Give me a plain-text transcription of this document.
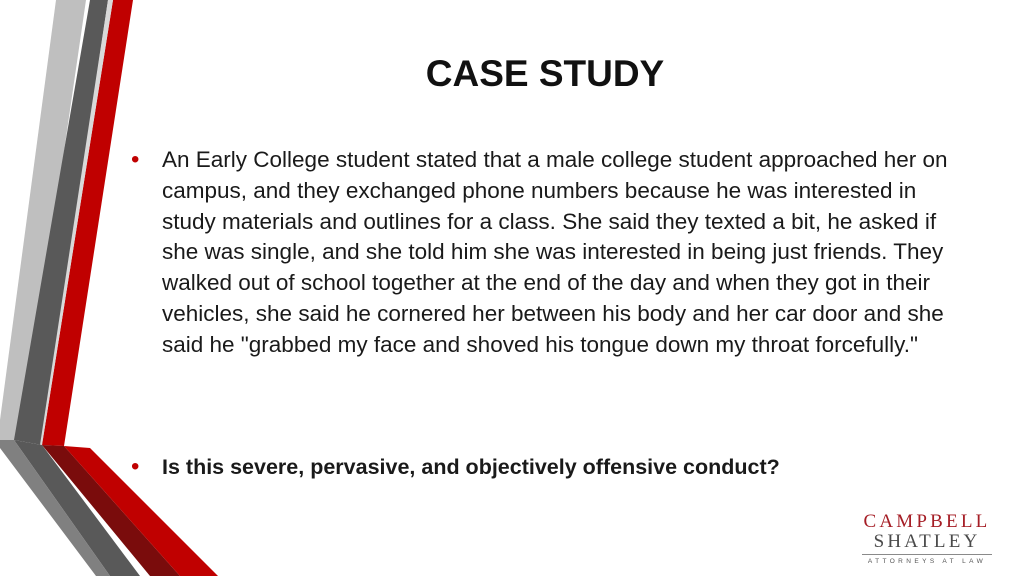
CASE STUDY
• An Early College student stated that a male college student approached her on campus, and they exchanged phone numbers because he was interested in study materials and outlines for a class. She said they texted a bit, he asked if she was single, and she told him she was interested in being just friends. They walked out of school together at the end of the day and when they got in their vehicles, she said he cornered her between his body and her car door and she said he "grabbed my face and shoved his tongue down my throat forcefully."

• Is this severe, pervasive, and objectively offensive conduct?

CAMPBELL
SHATLEY
ATTORNEYS AT LAW
